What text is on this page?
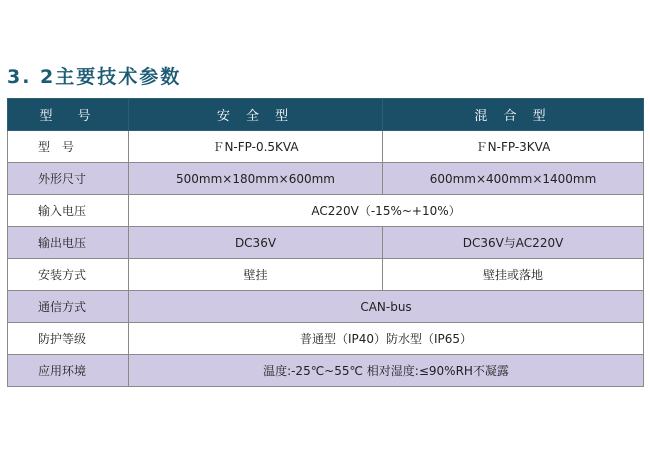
3. 2主要技术参数
型　号	安 全 型	混 合 型
型　号	ＦN-FP-0.5KVA	ＦN-FP-3KVA
外形尺寸	500mm×180mm×600mm	600mm×400mm×1400mm
输入电压	AC220V（-15%~+10%）	
输出电压	DC36V	DC36V与AC220V
安装方式	壁挂	壁挂或落地
通信方式	CAN-bus	
防护等级	普通型（IP40）防水型（IP65）	
应用环境	温度:-25℃~55℃ 相对湿度:≤90%RH不凝露	
